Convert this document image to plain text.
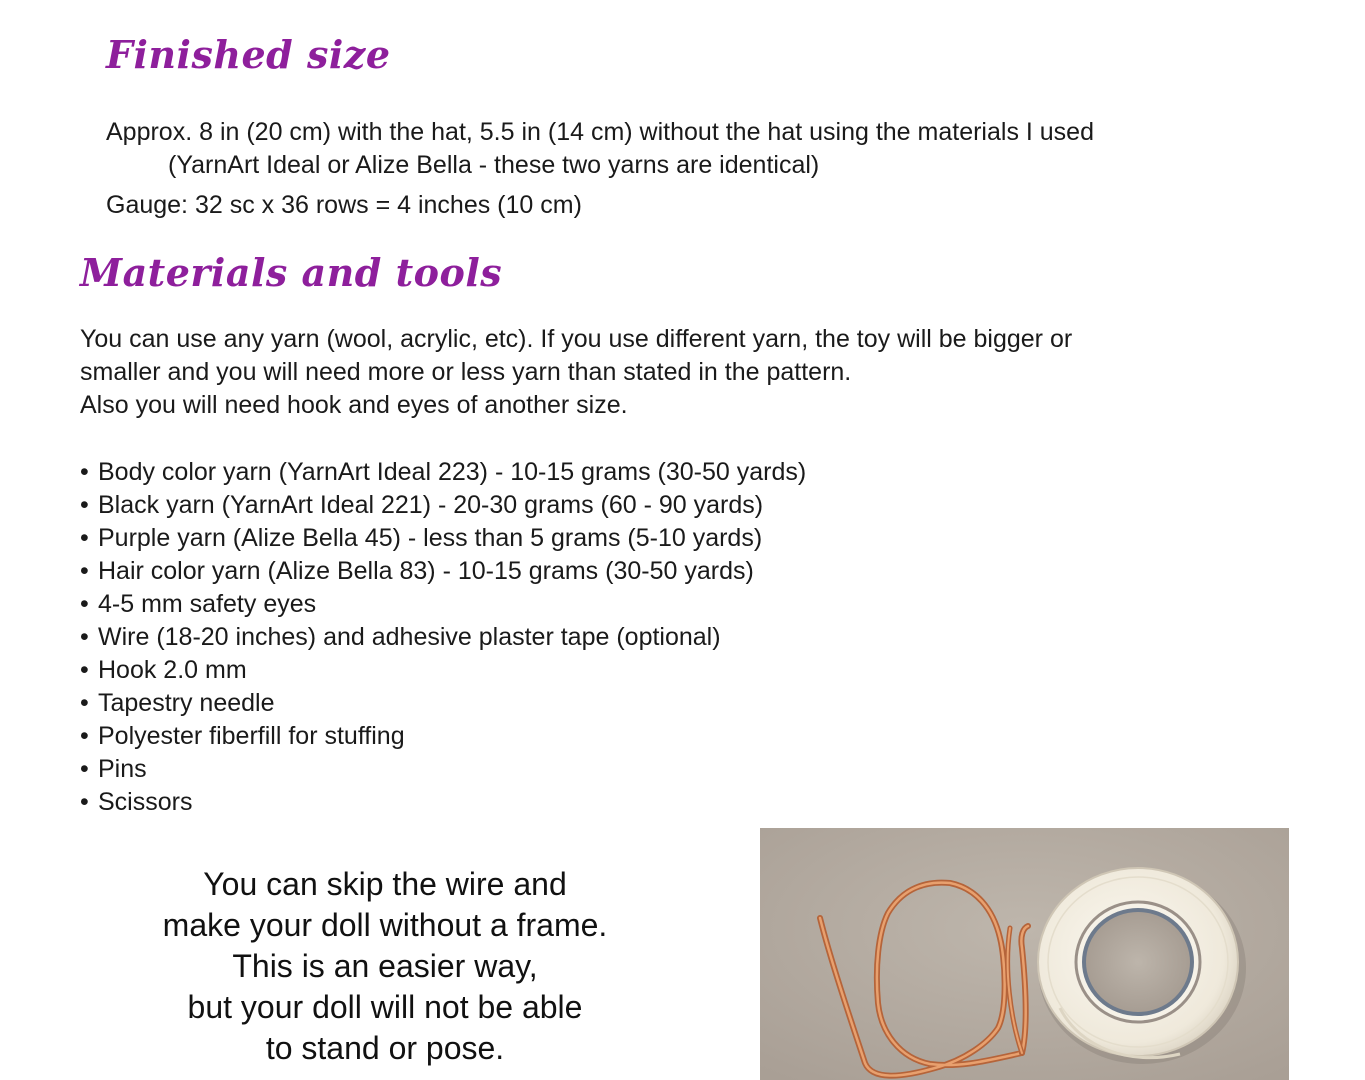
Finished size

Approx. 8 in (20 cm) with the hat, 5.5 in (14 cm) without the hat using the materials I used

(YarnArt Ideal or Alize Bella - these two yarns are identical)

Gauge: 32 sc x 36 rows = 4 inches (10 cm)

Materials and tools

You can use any yarn (wool, acrylic, etc). If you use different yarn, the toy will be bigger or
smaller and you will need more or less yarn than stated in the pattern.
Also you will need hook and eyes of another size.

• Body color yarn (YarnArt Ideal 223) - 10-15 grams (30-50 yards)
• Black yarn (YarnArt Ideal 221) - 20-30 grams (60 - 90 yards)
• Purple yarn (Alize Bella 45) - less than 5 grams (5-10 yards)
• Hair color yarn (Alize Bella 83) - 10-15 grams (30-50 yards)
• 4-5 mm safety eyes
• Wire (18-20 inches) and adhesive plaster tape (optional)
• Hook 2.0 mm
• Tapestry needle
• Polyester fiberfill for stuffing
• Pins
• Scissors

You can skip the wire and
make your doll without a frame.
This is an easier way,
but your doll will not be able
to stand or pose.
